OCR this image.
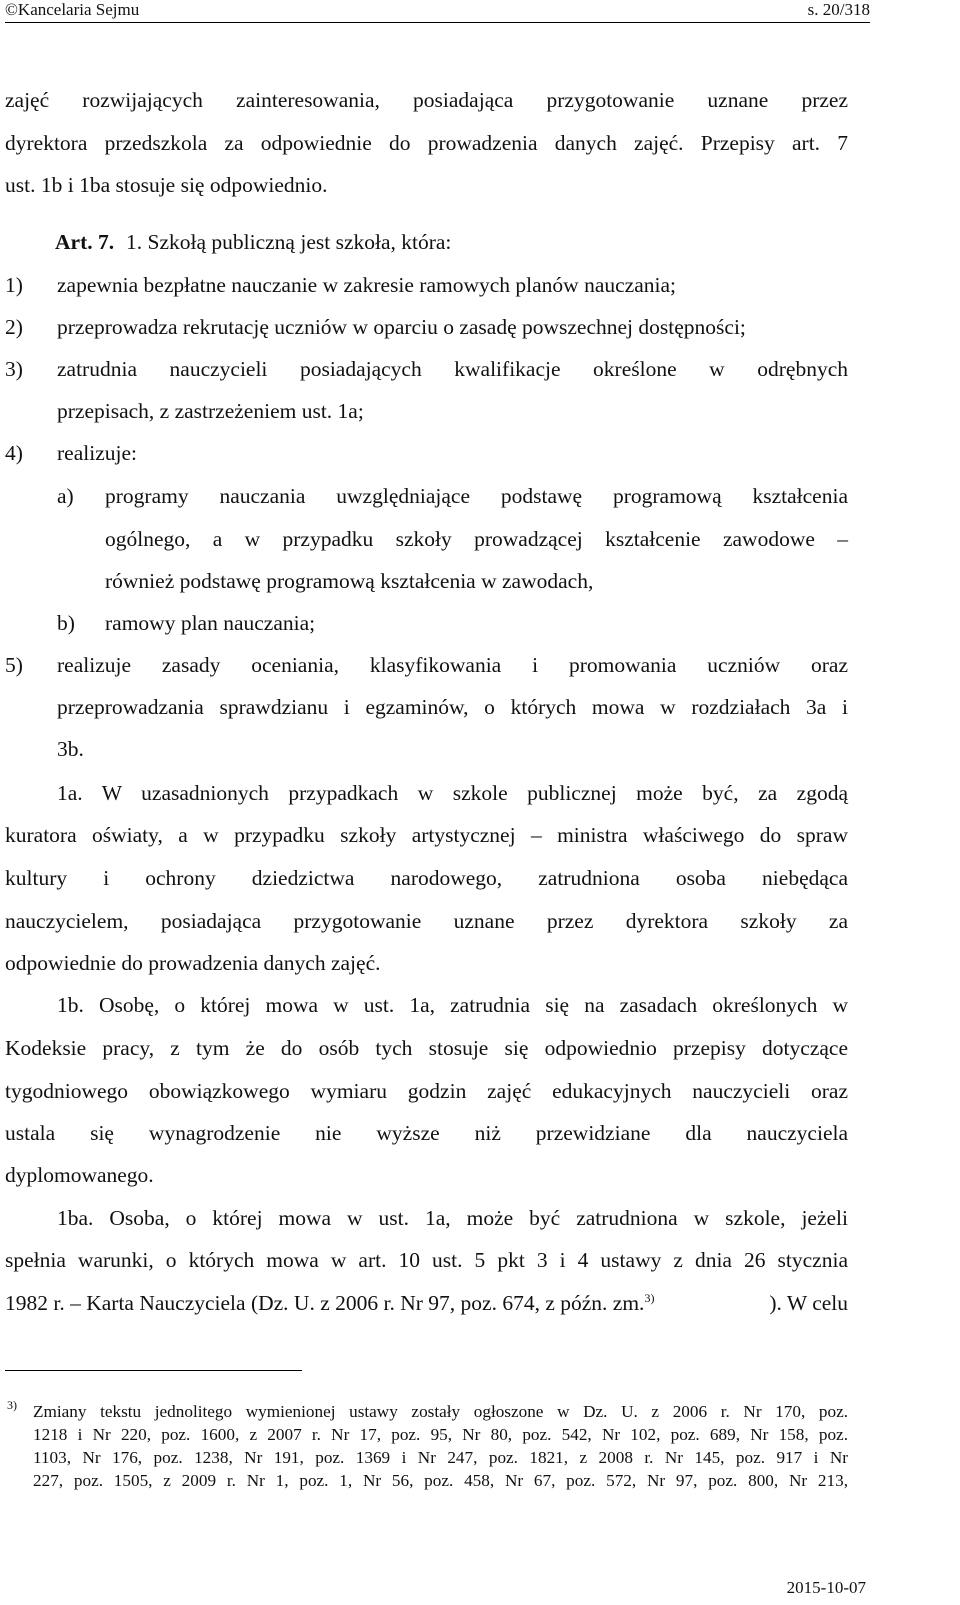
©Kancelaria Sejmu	s. 20/318
zajęć rozwijających zainteresowania, posiadająca przygotowanie uznane przez
dyrektora przedszkola za odpowiednie do prowadzenia danych zajęć. Przepisy art. 7
ust. 1b i 1ba stosuje się odpowiednio.
Art. 7. 1. Szkołą publiczną jest szkoła, która:
1) zapewnia bezpłatne nauczanie w zakresie ramowych planów nauczania;
2) przeprowadza rekrutację uczniów w oparciu o zasadę powszechnej dostępności;
3) zatrudnia nauczycieli posiadających kwalifikacje określone w odrębnych
przepisach, z zastrzeżeniem ust. 1a;
4) realizuje:
a) programy nauczania uwzględniające podstawę programową kształcenia
ogólnego, a w przypadku szkoły prowadzącej kształcenie zawodowe –
również podstawę programową kształcenia w zawodach,
b) ramowy plan nauczania;
5) realizuje zasady oceniania, klasyfikowania i promowania uczniów oraz
przeprowadzania sprawdzianu i egzaminów, o których mowa w rozdziałach 3a i
3b.
1a. W uzasadnionych przypadkach w szkole publicznej może być, za zgodą
kuratora oświaty, a w przypadku szkoły artystycznej – ministra właściwego do spraw
kultury i ochrony dziedzictwa narodowego, zatrudniona osoba niebędąca
nauczycielem, posiadająca przygotowanie uznane przez dyrektora szkoły za
odpowiednie do prowadzenia danych zajęć.
1b. Osobę, o której mowa w ust. 1a, zatrudnia się na zasadach określonych w
Kodeksie pracy, z tym że do osób tych stosuje się odpowiednio przepisy dotyczące
tygodniowego obowiązkowego wymiaru godzin zajęć edukacyjnych nauczycieli oraz
ustala się wynagrodzenie nie wyższe niż przewidziane dla nauczyciela
dyplomowanego.
1ba. Osoba, o której mowa w ust. 1a, może być zatrudniona w szkole, jeżeli
spełnia warunki, o których mowa w art. 10 ust. 5 pkt 3 i 4 ustawy z dnia 26 stycznia
1982 r. – Karta Nauczyciela (Dz. U. z 2006 r. Nr 97, poz. 674, z późn. zm.$^{3)}$	). W celu
3) Zmiany tekstu jednolitego wymienionej ustawy zostały ogłoszone w Dz. U. z 2006 r. Nr 170, poz.
1218 i Nr 220, poz. 1600, z 2007 r. Nr 17, poz. 95, Nr 80, poz. 542, Nr 102, poz. 689, Nr 158, poz.
1103, Nr 176, poz. 1238, Nr 191, poz. 1369 i Nr 247, poz. 1821, z 2008 r. Nr 145, poz. 917 i Nr
227, poz. 1505, z 2009 r. Nr 1, poz. 1, Nr 56, poz. 458, Nr 67, poz. 572, Nr 97, poz. 800, Nr 213,
2015-10-07
